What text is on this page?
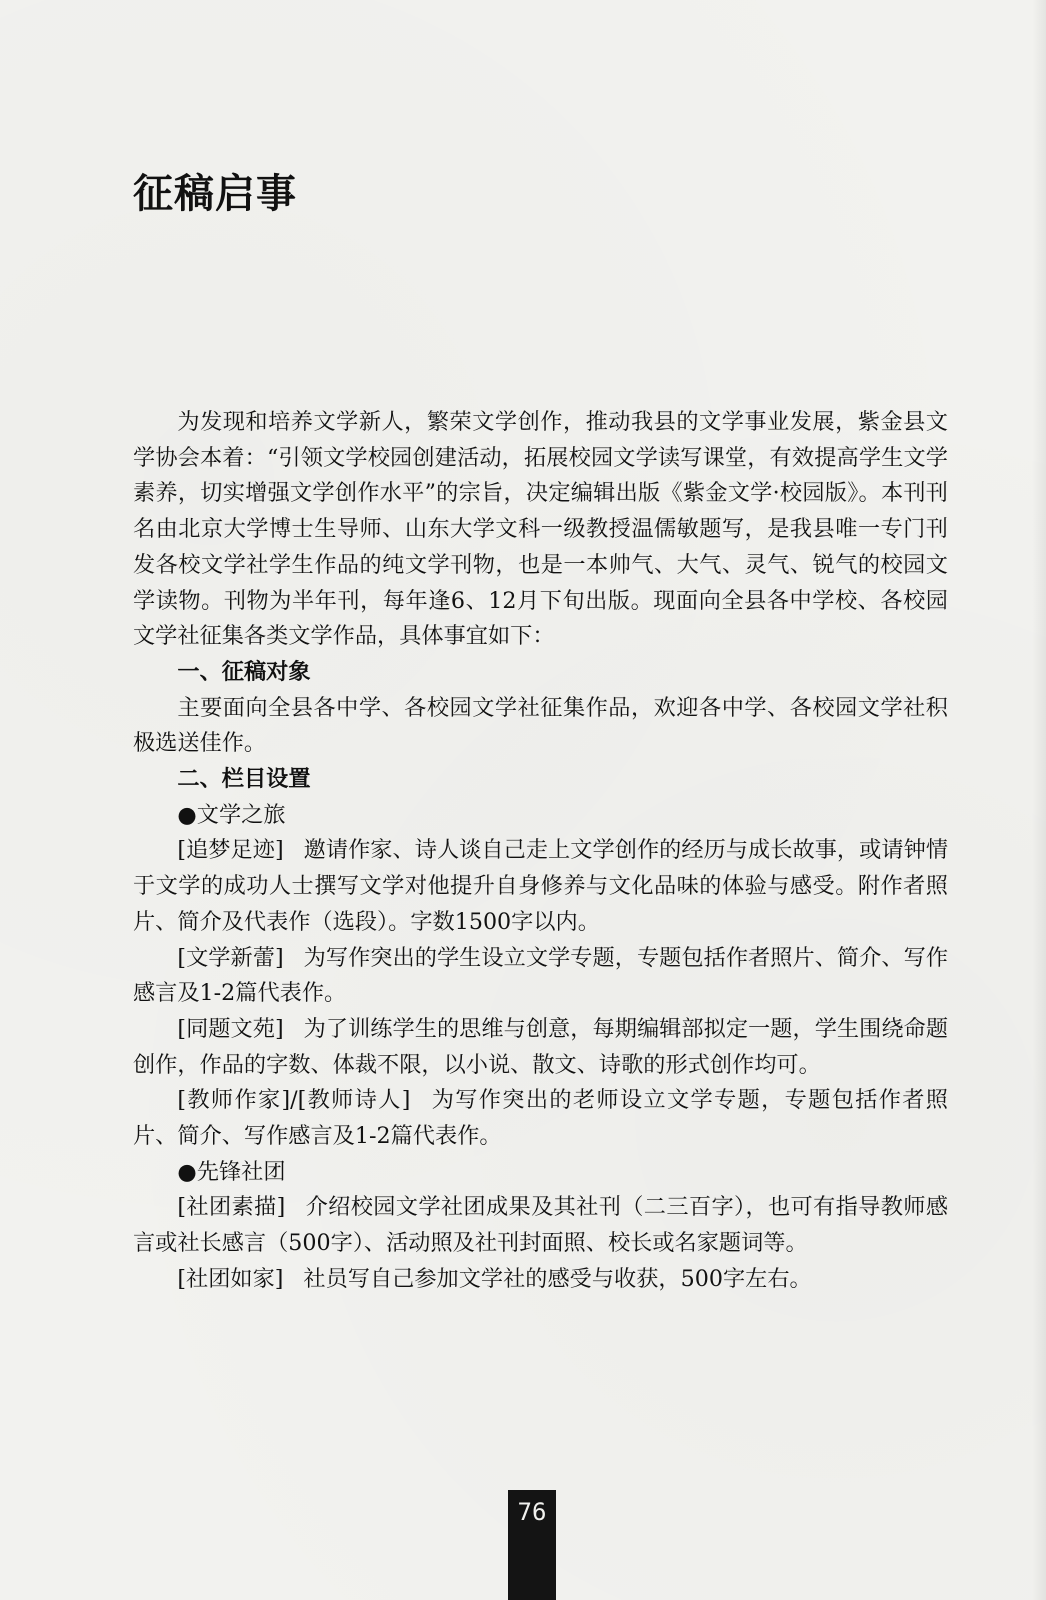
征稿启事

为发现和培养文学新人，繁荣文学创作，推动我县的文学事业发展，紫金县文学协会本着：“引领文学校园创建活动，拓展校园文学读写课堂，有效提高学生文学素养，切实增强文学创作水平”的宗旨，决定编辑出版《紫金文学·校园版》。本刊刊名由北京大学博士生导师、山东大学文科一级教授温儒敏题写，是我县唯一专门刊发各校文学社学生作品的纯文学刊物，也是一本帅气、大气、灵气、锐气的校园文学读物。刊物为半年刊，每年逢6、12月下旬出版。现面向全县各中学校、各校园文学社征集各类文学作品，具体事宜如下：

一、征稿对象

主要面向全县各中学、各校园文学社征集作品，欢迎各中学、各校园文学社积极选送佳作。

二、栏目设置

●文学之旅

[追梦足迹] 邀请作家、诗人谈自己走上文学创作的经历与成长故事，或请钟情于文学的成功人士撰写文学对他提升自身修养与文化品味的体验与感受。附作者照片、简介及代表作（选段）。字数1500字以内。

[文学新蕾] 为写作突出的学生设立文学专题，专题包括作者照片、简介、写作感言及1-2篇代表作。

[同题文苑] 为了训练学生的思维与创意，每期编辑部拟定一题，学生围绕命题创作，作品的字数、体裁不限，以小说、散文、诗歌的形式创作均可。

[教师作家]/[教师诗人] 为写作突出的老师设立文学专题，专题包括作者照片、简介、写作感言及1-2篇代表作。

●先锋社团

[社团素描] 介绍校园文学社团成果及其社刊（二三百字），也可有指导教师感言或社长感言（500字）、活动照及社刊封面照、校长或名家题词等。

[社团如家] 社员写自己参加文学社的感受与收获，500字左右。

76
